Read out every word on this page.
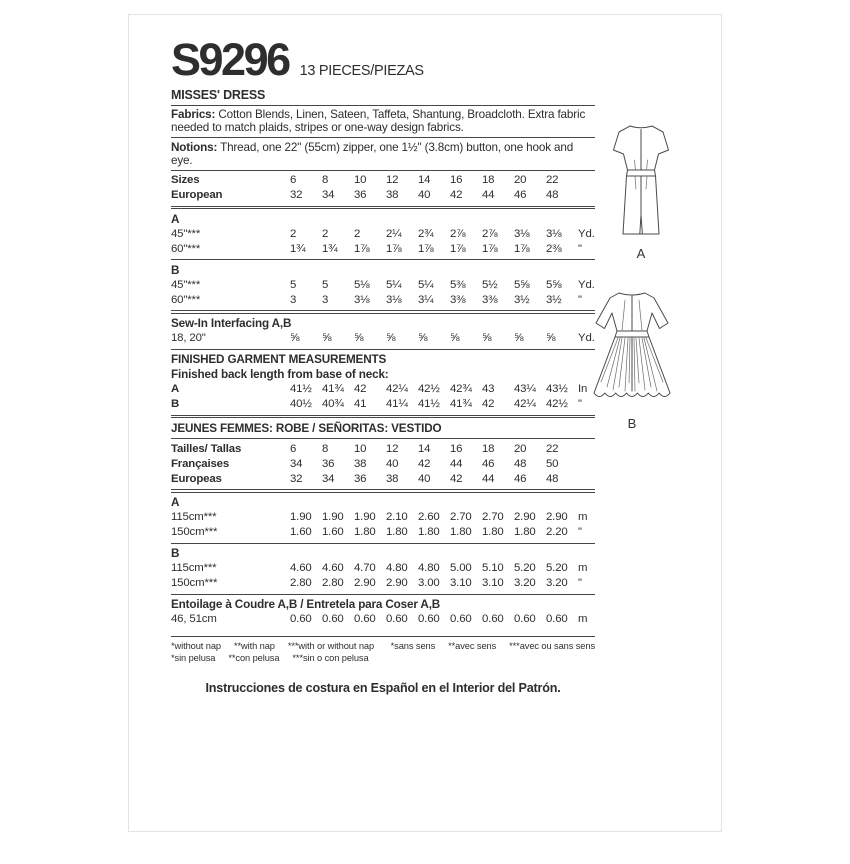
S9296 13 PIECES/PIEZAS
MISSES' DRESS

Fabrics: Cotton Blends, Linen, Sateen, Taffeta, Shantung, Broadcloth. Extra fabric needed to match plaids, stripes or one-way design fabrics.

Notions: Thread, one 22" (55cm) zipper, one 1½" (3.8cm) button, one hook and eye.

Sizes	6	8	10	12	14	16	18	20	22
European	32	34	36	38	40	42	44	46	48
A
45"***	2	2	2	2¼	2¾	2⅞	2⅞	3⅛	3⅛	Yd.
60"***	1¾	1¾	1⅞	1⅞	1⅞	1⅞	1⅞	1⅞	2⅜	"
B
45"***	5	5	5⅛	5¼	5¼	5⅜	5½	5⅝	5⅝	Yd.
60"***	3	3	3⅛	3⅛	3¼	3⅜	3⅜	3½	3½	"
Sew-In Interfacing A,B
18, 20"	⅝	⅝	⅝	⅝	⅝	⅝	⅝	⅝	⅝	Yd.
FINISHED GARMENT MEASUREMENTS
Finished back length from base of neck:
A	41½ 41¾ 42	42¼ 42½ 42¾ 43	43¼ 43½ In
B	40½ 40¾ 41	41¼ 41½ 41¾ 42	42¼ 42½ "
JEUNES FEMMES: ROBE / SEÑORITAS: VESTIDO
Tailles/ Tallas	6	8	10	12	14	16	18	20	22
Françaises	34	36	38	40	42	44	46	48	50
Europeas	32	34	36	38	40	42	44	46	48
A
115cm***	1.90 1.90 1.90 2.10 2.60 2.70 2.70 2.90 2.90 m
150cm***	1.60 1.60 1.80 1.80 1.80 1.80 1.80 1.80 2.20 "
B
115cm***	4.60 4.60 4.70 4.80 4.80 5.00 5.10 5.20 5.20 m
150cm***	2.80 2.80 2.90 2.90 3.00 3.10 3.10 3.20 3.20 "
Entoilage à Coudre A,B / Entretela para Coser A,B
46, 51cm	0.60 0.60 0.60 0.60 0.60 0.60 0.60 0.60 0.60 m
*without nap **with nap ***with or without nap
*sin pelusa **con pelusa ***sin o con pelusa
*sans sens **avec sens ***avec ou sans sens
Instrucciones de costura en Español en el Interior del Patrón.
A
B
